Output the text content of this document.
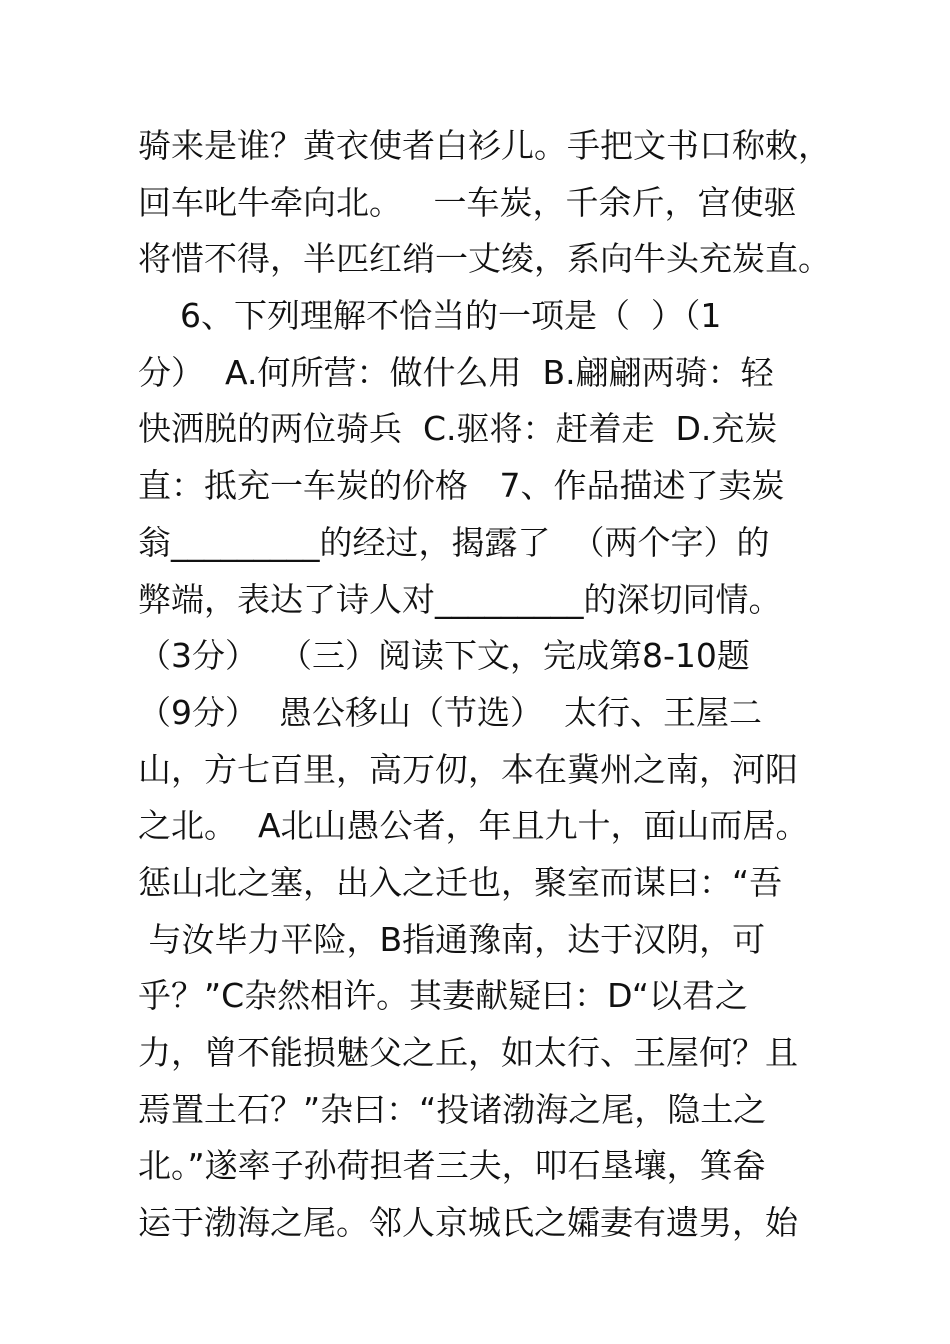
骑来是谁？黄衣使者白衫儿。手把文书口称敕，
回车叱牛牵向北。   一车炭，千余斤，宫使驱
将惜不得，半匹红绡一丈绫，系向牛头充炭直。
6、下列理解不恰当的一项是（  ）（1
分）  A.何所营：做什么用  B.翩翩两骑：轻
快洒脱的两位骑兵  C.驱将：赶着走  D.充炭
直：抵充一车炭的价格   7、作品描述了卖炭
翁_________的经过，揭露了  （两个字）的
弊端，表达了诗人对_________的深切同情。
（3分）  （三）阅读下文，完成第8-10题
（9分）  愚公移山（节选）  太行、王屋二
山，方七百里，高万仞，本在冀州之南，河阳
之北。  A北山愚公者，年且九十，面山而居。
惩山北之塞，出入之迁也，聚室而谋曰：“吾
与汝毕力平险，B指通豫南，达于汉阴，可
乎？”C杂然相许。其妻献疑曰：D“以君之
力，曾不能损魅父之丘，如太行、王屋何？且
焉置土石？”杂曰：“投诸渤海之尾，隐土之
北。”遂率子孙荷担者三夫，叩石垦壤，箕畚
运于渤海之尾。邻人京城氏之孀妻有遗男，始
